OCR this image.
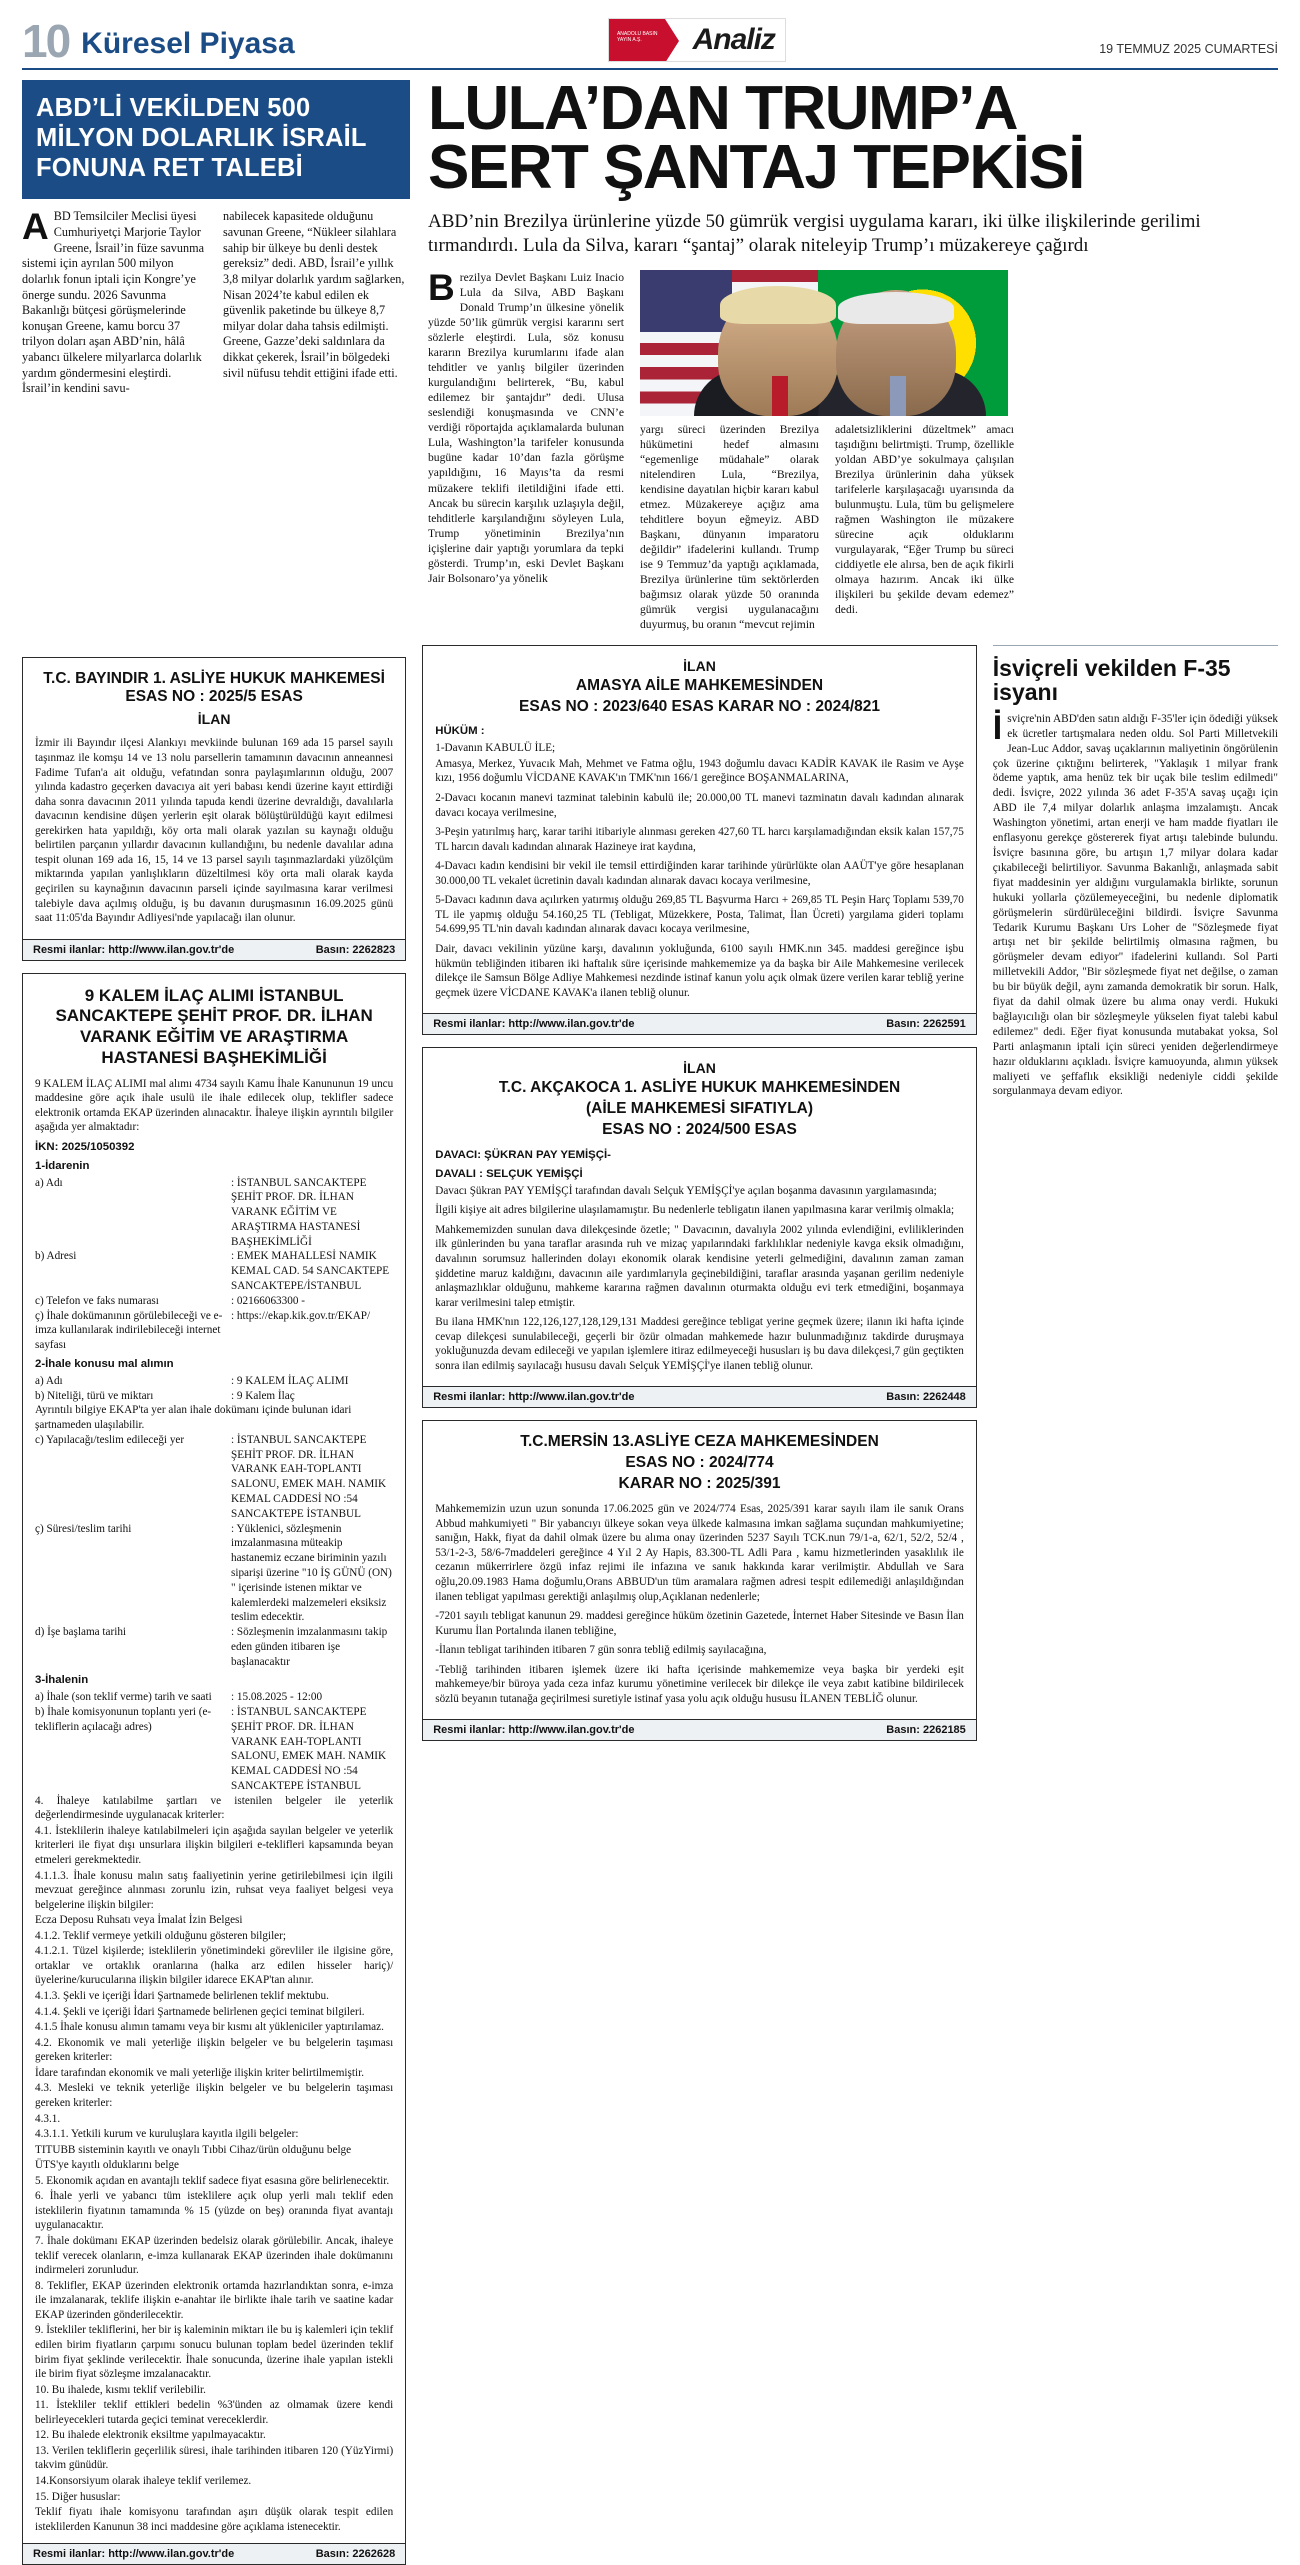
10 Küresel Piyasa	ANADOLU BASIN YAYIN A.Ş.	Analiz	19 TEMMUZ 2025 CUMARTESİ
ABD’Lİ VEKİLDEN 500 MİLYON DOLARLIK İSRAİL FONUNA RET TALEBİ
ABD Temsilciler Meclisi üyesi Cumhuriyetçi Marjorie Taylor Greene, İsrail’in füze savunma sistemi için ayrılan 500 milyon dolarlık fonun iptali için Kongre’ye önerge sundu. 2026 Savunma Bakanlığı bütçesi görüşmelerinde konuşan Greene, kamu borcu 37 trilyon doları aşan ABD’nin, hâlâ yabancı ülkelere milyarlarca dolarlık yardım göndermesini eleştirdi. İsrail’in kendini savu-
nabilecek kapasitede olduğunu savunan Greene, “Nükleer silahlara sahip bir ülkeye bu denli destek gereksiz” dedi. ABD, İsrail’e yıllık 3,8 milyar dolarlık yardım sağlarken, Nisan 2024’te kabul edilen ek güvenlik paketinde bu ülkeye 8,7 milyar dolar daha tahsis edilmişti. Greene, Gazze’deki saldınlara da dikkat çekerek, İsrail’in bölgedeki sivil nüfusu tehdit ettiğini ifade etti.
LULA’DAN TRUMP’A
SERT ŞANTAJ TEPKİSİ
ABD’nin Brezilya ürünlerine yüzde 50 gümrük vergisi uygulama kararı, iki ülke ilişkilerinde gerilimi tırmandırdı. Lula da Silva, kararı “şantaj” olarak niteleyip Trump’ı müzakereye çağırdı
Brezilya Devlet Başkanı Luiz Inacio Lula da Silva, ABD Başkanı Donald Trump’ın ülkesine yönelik yüzde 50’lik gümrük vergisi kararını sert sözlerle eleştirdi. Lula, söz konusu kararın Brezilya kurumlarını ifade alan tehditler ve yanlış bilgiler üzerinden kurgulandığını belirterek, “Bu, kabul edilemez bir şantajdır” dedi. Ulusa seslendiği konuşmasında ve CNN’e verdiği röportajda açıklamalarda bulunan Lula, Washington’la tarifeler konusunda bugüne kadar 10’dan fazla görüşme yapıldığını, 16 Mayıs’ta da resmi müzakere teklifi iletildiğini ifade etti. Ancak bu sürecin karşılık uzlaşıyla değil, tehditlerle karşılandığını söyleyen Lula, Trump yönetiminin Brezilya’nın içişlerine dair yaptığı yorumlara da tepki gösterdi. Trump’ın, eski Devlet Başkanı Jair Bolsonaro’ya yönelik
yargı süreci üzerinden Brezilya hükümetini hedef almasını “egemenlige müdahale” olarak nitelendiren Lula, “Brezilya, kendisine dayatılan hiçbir kararı kabul etmez. Müzakereye açığız ama tehditlere boyun eğmeyiz. ABD Başkanı, dünyanın imparatoru değildir” ifadelerini kullandı. Trump ise 9 Temmuz’da yaptığı açıklamada, Brezilya ürünlerine tüm sektörlerden bağımsız olarak yüzde 50 oranında gümrük vergisi uygulanacağını duyurmuş, bu oranın “mevcut rejimin
adaletsizliklerini düzeltmek” amacı taşıdığını belirtmişti. Trump, özellikle yoldan ABD’ye sokulmaya çalışılan Brezilya ürünlerinin daha yüksek tarifelerle karşılaşacağı uyarısında da bulunmuştu. Lula, tüm bu gelişmelere rağmen Washington ile müzakere sürecine açık olduklarını vurgulayarak, “Eğer Trump bu süreci ciddiyetle ele alırsa, ben de açık fikirli olmaya hazırım. Ancak iki ülke ilişkileri bu şekilde devam edemez” dedi.
T.C. BAYINDIR 1. ASLİYE HUKUK MAHKEMESİ ESAS NO : 2025/5 ESAS
İLAN

İzmir ili Bayındır ilçesi Alankıyı mevkiinde bulunan 169 ada 15 parsel sayılı taşınmaz ile komşu 14 ve 13 nolu parsellerin tamamının davacının anneannesi Fadime Tufan'a ait olduğu, vefatından sonra paylaşımlarının olduğu, 2007 yılında kadastro geçerken davacıya ait yeri babası kendi üzerine kayıt ettirdiği daha sonra davacının 2011 yılında tapuda kendi üzerine devraldığı, davalılarla davacının kendisine düşen yerlerin eşit olarak bölüştürüldüğü kayıt edilmesi gerekirken hata yapıldığı, köy orta mali olarak yazılan su kaynağı olduğu belirtilen parçanın yıllardır davacının kullandığını, bu nedenle davalılar adına tespit olunan 169 ada 16, 15, 14 ve 13 parsel sayılı taşınmazlardaki yüzölçüm miktarında yapılan yanlışlıkların düzeltilmesi köy orta mali olarak kayda geçirilen su kaynağının davacının parseli içinde sayılmasına karar verilmesi talebiyle dava açılmış olduğu, iş bu davanın duruşmasının 16.09.2025 günü saat 11:05'da Bayındır Adliyesi'nde yapılacağı ilan olunur.

Resmi ilanlar: http://www.ilan.gov.tr'de	Basın: 2262823
9 KALEM İLAÇ ALIMI İSTANBUL SANCAKTEPE ŞEHİT PROF. DR. İLHAN VARANK EĞİTİM VE ARAŞTIRMA HASTANESİ BAŞHEKİMLİĞİ

9 KALEM İLAÇ ALIMI mal alımı 4734 sayılı Kamu İhale Kanununun 19 uncu maddesine göre açık ihale usulü ile ihale edilecek olup, teklifler sadece elektronik ortamda EKAP üzerinden alınacaktır. İhaleye ilişkin ayrıntılı bilgiler aşağıda yer almaktadır:

İKN: 2025/1050392

1-İdarenin

a) Adı	: İSTANBUL SANCAKTEPE ŞEHİT PROF. DR. İLHAN VARANK EĞİTİM VE ARAŞTIRMA HASTANESİ BAŞHEKİMLİĞİ
b) Adresi	: EMEK MAHALLESİ NAMIK KEMAL CAD. 54 SANCAKTEPE SANCAKTEPE/İSTANBUL
c) Telefon ve faks numarası	: 02166063300 -
ç) İhale dokümanının görülebileceği ve e-imza kullanılarak indirilebileceği internet sayfası
: https://ekap.kik.gov.tr/EKAP/

2-İhale konusu mal alımın

a) Adı	: 9 KALEM İLAÇ ALIMI
b) Niteliği, türü ve miktarı	: 9 Kalem İlaç
Ayrıntılı bilgiye EKAP'ta yer alan ihale dokümanı içinde bulunan idari şartnameden ulaşılabilir.
c) Yapılacağı/teslim edileceği yer	: İSTANBUL SANCAKTEPE ŞEHİT PROF. DR. İLHAN VARANK EAH-TOPLANTI SALONU, EMEK MAH. NAMIK KEMAL CADDESİ NO :54 SANCAKTEPE İSTANBUL
ç) Süresi/teslim tarihi	: Yüklenici, sözleşmenin imzalanmasına müteakip hastanemiz eczane biriminin yazılı siparişi üzerine "10 İŞ GÜNÜ (ON) " içerisinde istenen miktar ve kalemlerdeki malzemeleri eksiksiz teslim edecektir.
d) İşe başlama tarihi	: Sözleşmenin imzalanmasını takip eden günden itibaren işe başlanacaktır

3-İhalenin

a) İhale (son teklif verme) tarih ve saati	: 15.08.2025 - 12:00
b) İhale komisyonunun toplantı yeri (e-tekliflerin açılacağı adres)
: İSTANBUL SANCAKTEPE ŞEHİT PROF. DR. İLHAN VARANK EAH-TOPLANTI SALONU, EMEK MAH. NAMIK KEMAL CADDESİ NO :54 SANCAKTEPE İSTANBUL

4. İhaleye katılabilme şartları ve istenilen belgeler ile yeterlik değerlendirmesinde uygulanacak kriterler:

4.1. İsteklilerin ihaleye katılabilmeleri için aşağıda sayılan belgeler ve yeterlik kriterleri ile fiyat dışı unsurlara ilişkin bilgileri e-teklifleri kapsamında beyan etmeleri gerekmektedir.

4.1.1.3. İhale konusu malın satış faaliyetinin yerine getirilebilmesi için ilgili mevzuat gereğince alınması zorunlu izin, ruhsat veya faaliyet belgesi veya belgelerine ilişkin bilgiler:

Ecza Deposu Ruhsatı veya İmalat İzin Belgesi

4.1.2. Teklif vermeye yetkili olduğunu gösteren bilgiler;

4.1.2.1. Tüzel kişilerde; isteklilerin yönetimindeki görevliler ile ilgisine göre, ortaklar ve ortaklık oranlarına (halka arz edilen hisseler hariç)/üyelerine/kurucularına ilişkin bilgiler idarece EKAP'tan alınır.

4.1.3. Şekli ve içeriği İdari Şartnamede belirlenen teklif mektubu.

4.1.4. Şekli ve içeriği İdari Şartnamede belirlenen geçici teminat bilgileri.

4.1.5 İhale konusu alımın tamamı veya bir kısmı alt yükleniciler yaptırılamaz.

4.2. Ekonomik ve mali yeterliğe ilişkin belgeler ve bu belgelerin taşıması gereken kriterler:

İdare tarafından ekonomik ve mali yeterliğe ilişkin kriter belirtilmemiştir.

4.3. Mesleki ve teknik yeterliğe ilişkin belgeler ve bu belgelerin taşıması gereken kriterler:

4.3.1.

4.3.1.1. Yetkili kurum ve kuruluşlara kayıtla ilgili belgeler:

TITUBB sisteminin kayıtlı ve onaylı Tıbbi Cihaz/ürün olduğunu belge

ÜTS'ye kayıtlı olduklarını belge

5. Ekonomik açıdan en avantajlı teklif sadece fiyat esasına göre belirlenecektir.

6. İhale yerli ve yabancı tüm isteklilere açık olup yerli malı teklif eden isteklilerin fiyatının tamamında % 15 (yüzde on beş) oranında fiyat avantajı uygulanacaktır.

7. İhale dokümanı EKAP üzerinden bedelsiz olarak görülebilir. Ancak, ihaleye teklif verecek olanların, e-imza kullanarak EKAP üzerinden ihale dokümanını indirmeleri zorunludur.

8. Teklifler, EKAP üzerinden elektronik ortamda hazırlandıktan sonra, e-imza ile imzalanarak, teklife ilişkin e-anahtar ile birlikte ihale tarih ve saatine kadar EKAP üzerinden gönderilecektir.

9. İstekliler tekliflerini, her bir iş kaleminin miktarı ile bu iş kalemleri için teklif edilen birim fiyatların çarpımı sonucu bulunan toplam bedel üzerinden teklif birim fiyat şeklinde verilecektir. İhale sonucunda, üzerine ihale yapılan istekli ile birim fiyat sözleşme imzalanacaktır.

10. Bu ihalede, kısmı teklif verilebilir.

11. İstekliler teklif ettikleri bedelin %3'ünden az olmamak üzere kendi belirleyecekleri tutarda geçici teminat vereceklerdir.

12. Bu ihalede elektronik eksiltme yapılmayacaktır.

13. Verilen tekliflerin geçerlilik süresi, ihale tarihinden itibaren 120 (YüzYirmi) takvim günüdür.

14.Konsorsiyum olarak ihaleye teklif verilemez.

15. Diğer hususlar:

Teklif fiyatı ihale komisyonu tarafından aşırı düşük olarak tespit edilen isteklilerden Kanunun 38 inci maddesine göre açıklama istenecektir.

Resmi ilanlar: http://www.ilan.gov.tr'de	Basın: 2262628
İLAN
AMASYA AİLE MAHKEMESİNDEN
ESAS NO : 2023/640 ESAS KARAR NO : 2024/821

HÜKÜM :

1-Davanın KABULÜ İLE;

Amasya, Merkez, Yuvacık Mah, Mehmet ve Fatma oğlu, 1943 doğumlu davacı KADİR KAVAK ile Rasim ve Ayşe kızı, 1956 doğumlu VİCDANE KAVAK'ın TMK'nın 166/1 gereğince BOŞANMALARINA,

2-Davacı kocanın manevi tazminat talebinin kabulü ile; 20.000,00 TL manevi tazminatın davalı kadından alınarak davacı kocaya verilmesine,

3-Peşin yatırılmış harç, karar tarihi itibariyle alınması gereken 427,60 TL harcı karşılamadığından eksik kalan 157,75 TL harcın davalı kadından alınarak Hazineye irat kaydına,

4-Davacı kadın kendisini bir vekil ile temsil ettirdiğinden karar tarihinde yürürlükte olan AAÜT'ye göre hesaplanan 30.000,00 TL vekalet ücretinin davalı kadından alınarak davacı kocaya verilmesine,

5-Davacı kadının dava açılırken yatırmış olduğu 269,85 TL Başvurma Harcı + 269,85 TL Peşin Harç Toplamı 539,70 TL ile yapmış olduğu 54.160,25 TL (Tebligat, Müzekkere, Posta, Talimat, İlan Ücreti) yargılama gideri toplamı 54.699,95 TL'nin davalı kadından alınarak davacı kocaya verilmesine,

Dair, davacı vekilinin yüzüne karşı, davalının yokluğunda, 6100 sayılı HMK.nın 345. maddesi gereğince işbu hükmün tebliğinden itibaren iki haftalık süre içerisinde mahkememize ya da başka bir Aile Mahkemesine verilecek dilekçe ile Samsun Bölge Adliye Mahkemesi nezdinde istinaf kanun yolu açık olmak üzere verilen karar tebliğ yerine geçmek üzere VİCDANE KAVAK'a ilanen tebliğ olunur.

Resmi ilanlar: http://www.ilan.gov.tr'de	Basın: 2262591
İLAN
T.C. AKÇAKOCA 1. ASLİYE HUKUK MAHKEMESİNDEN
(AİLE MAHKEMESİ SIFATIYLA)
ESAS NO : 2024/500 ESAS

DAVACI: ŞÜKRAN PAY YEMİŞÇİ-

DAVALI : SELÇUK YEMİŞÇİ

Davacı Şükran PAY YEMİŞÇİ tarafından davalı Selçuk YEMİŞÇİ'ye açılan boşanma davasının yargılamasında;

İlgili kişiye ait adres bilgilerine ulaşılamamıştır. Bu nedenlerle tebligatın ilanen yapılmasına karar verilmiş olmakla;

Mahkememizden sunulan dava dilekçesinde özetle; " Davacının, davalıyla 2002 yılında evlendiğini, evliliklerinden ilk günlerinden bu yana taraflar arasında ruh ve mizaç yapılarındaki farklılıklar nedeniyle kavga eksik olmadığını, davalının sorumsuz hallerinden dolayı ekonomik olarak kendisine yeterli gelmediğini, davalının zaman zaman şiddetine maruz kaldığını, davacının aile yardımlarıyla geçinebildiğini, taraflar arasında yaşanan gerilim nedeniyle anlaşmazlıklar olduğunu, mahkeme kararına rağmen davalının oturmakta olduğu evi terk etmediğini, boşanmaya karar verilmesini talep etmiştir.

Bu ilana HMK'nın 122,126,127,128,129,131 Maddesi gereğince tebligat yerine geçmek üzere; ilanın iki hafta içinde cevap dilekçesi sunulabileceği, geçerli bir özür olmadan mahkemede hazır bulunmadığınız takdirde duruşmaya yokluğunuzda devam edileceği ve yapılan işlemlere itiraz edilmeyeceği hususları iş bu dava dilekçesi,7 gün geçtikten sonra ilan edilmiş sayılacağı hususu davalı Selçuk YEMİŞÇİ'ye ilanen tebliğ olunur.

Resmi ilanlar: http://www.ilan.gov.tr'de	Basın: 2262448
T.C.MERSİN 13.ASLİYE CEZA MAHKEMESİNDEN
ESAS NO : 2024/774
KARAR NO : 2025/391

Mahkememizin uzun uzun sonunda 17.06.2025 gün ve 2024/774 Esas, 2025/391 karar sayılı ilam ile sanık Orans Abbud mahkumiyeti " Bir yabancıyı ülkeye sokan veya ülkede kalmasına imkan sağlama suçundan mahkumiyetine; sanığın, Hakk, fiyat da dahil olmak üzere bu alıma onay üzerinden 5237 Sayılı TCK.nun 79/1-a, 62/1, 52/2, 52/4 , 53/1-2-3, 58/6-7maddeleri gereğince 4 Yıl 2 Ay Hapis, 83.300-TL Adli Para , kamu hizmetlerinden yasaklılık ile cezanın mükerrirlere özgü infaz rejimi ile infazına ve sanık hakkında karar verilmiştir. Abdullah ve Sara oğlu,20.09.1983 Hama doğumlu,Orans ABBUD'un tüm aramalara rağmen adresi tespit edilemediği anlaşıldığından ilanen tebligat yapılması gerektiği anlaşılmış olup,Açıklanan nedenlerle;

-7201 sayılı tebligat kanunun 29. maddesi gereğince hüküm özetinin Gazetede, İnternet Haber Sitesinde ve Basın İlan Kurumu İlan Portalında ilanen tebliğine,

-İlanın tebligat tarihinden itibaren 7 gün sonra tebliğ edilmiş sayılacağına,

-Tebliğ tarihinden itibaren işlemek üzere iki hafta içerisinde mahkememize veya başka bir yerdeki eşit mahkemeye/bir büroya yada ceza infaz kurumu yönetimine verilecek bir dilekçe ile veya zabıt katibine bildirilecek sözlü beyanın tutanağa geçirilmesi suretiyle istinaf yasa yolu açık olduğu hususu İLANEN TEBLİĞ olunur.

Resmi ilanlar: http://www.ilan.gov.tr'de	Basın: 2262185
İsviçreli vekilden F-35 isyanı
İsviçre'nin ABD'den satın aldığı F-35'ler için ödediği yüksek ek ücretler tartışmalara neden oldu. Sol Parti Milletvekili Jean-Luc Addor, savaş uçaklarının maliyetinin öngörülenin çok üzerine çıktığını belirterek, "Yaklaşık 1 milyar frank ödeme yaptık, ama henüz tek bir uçak bile teslim edilmedi" dedi. İsviçre, 2022 yılında 36 adet F-35'A savaş uçağı için ABD ile 7,4 milyar dolarlık anlaşma imzalamıştı. Ancak Washington yönetimi, artan enerji ve ham madde fiyatları ile enflasyonu gerekçe göstererek fiyat artışı talebinde bulundu. İsviçre basınına göre, bu artışın 1,7 milyar dolara kadar çıkabileceği belirtiliyor. Savunma Bakanlığı, anlaşmada sabit fiyat maddesinin yer aldığını vurgulamakla birlikte, sorunun hukuki yollarla çözülemeyeceğini, bu nedenle diplomatik görüşmelerin sürdürüleceğini bildirdi. İsviçre Savunma Tedarik Kurumu Başkanı Urs Loher de "Sözleşmede fiyat artışı net bir şekilde belirtilmiş olmasına rağmen, bu görüşmeler devam ediyor" ifadelerini kullandı. Sol Parti milletvekili Addor, "Bir sözleşmede fiyat net değilse, o zaman bu bir büyük değil, aynı zamanda demokratik bir sorun. Halk, fiyat da dahil olmak üzere bu alıma onay verdi. Hukuki bağlayıcılığı olan bir sözleşmeyle yükselen fiyat talebi kabul edilemez" dedi. Eğer fiyat konusunda mutabakat yoksa, Sol Parti anlaşmanın iptali için süreci yeniden değerlendirmeye hazır olduklarını açıkladı. İsviçre kamuoyunda, alımın yüksek maliyeti ve şeffaflık eksikliği nedeniyle ciddi şekilde sorgulanmaya devam ediyor.
